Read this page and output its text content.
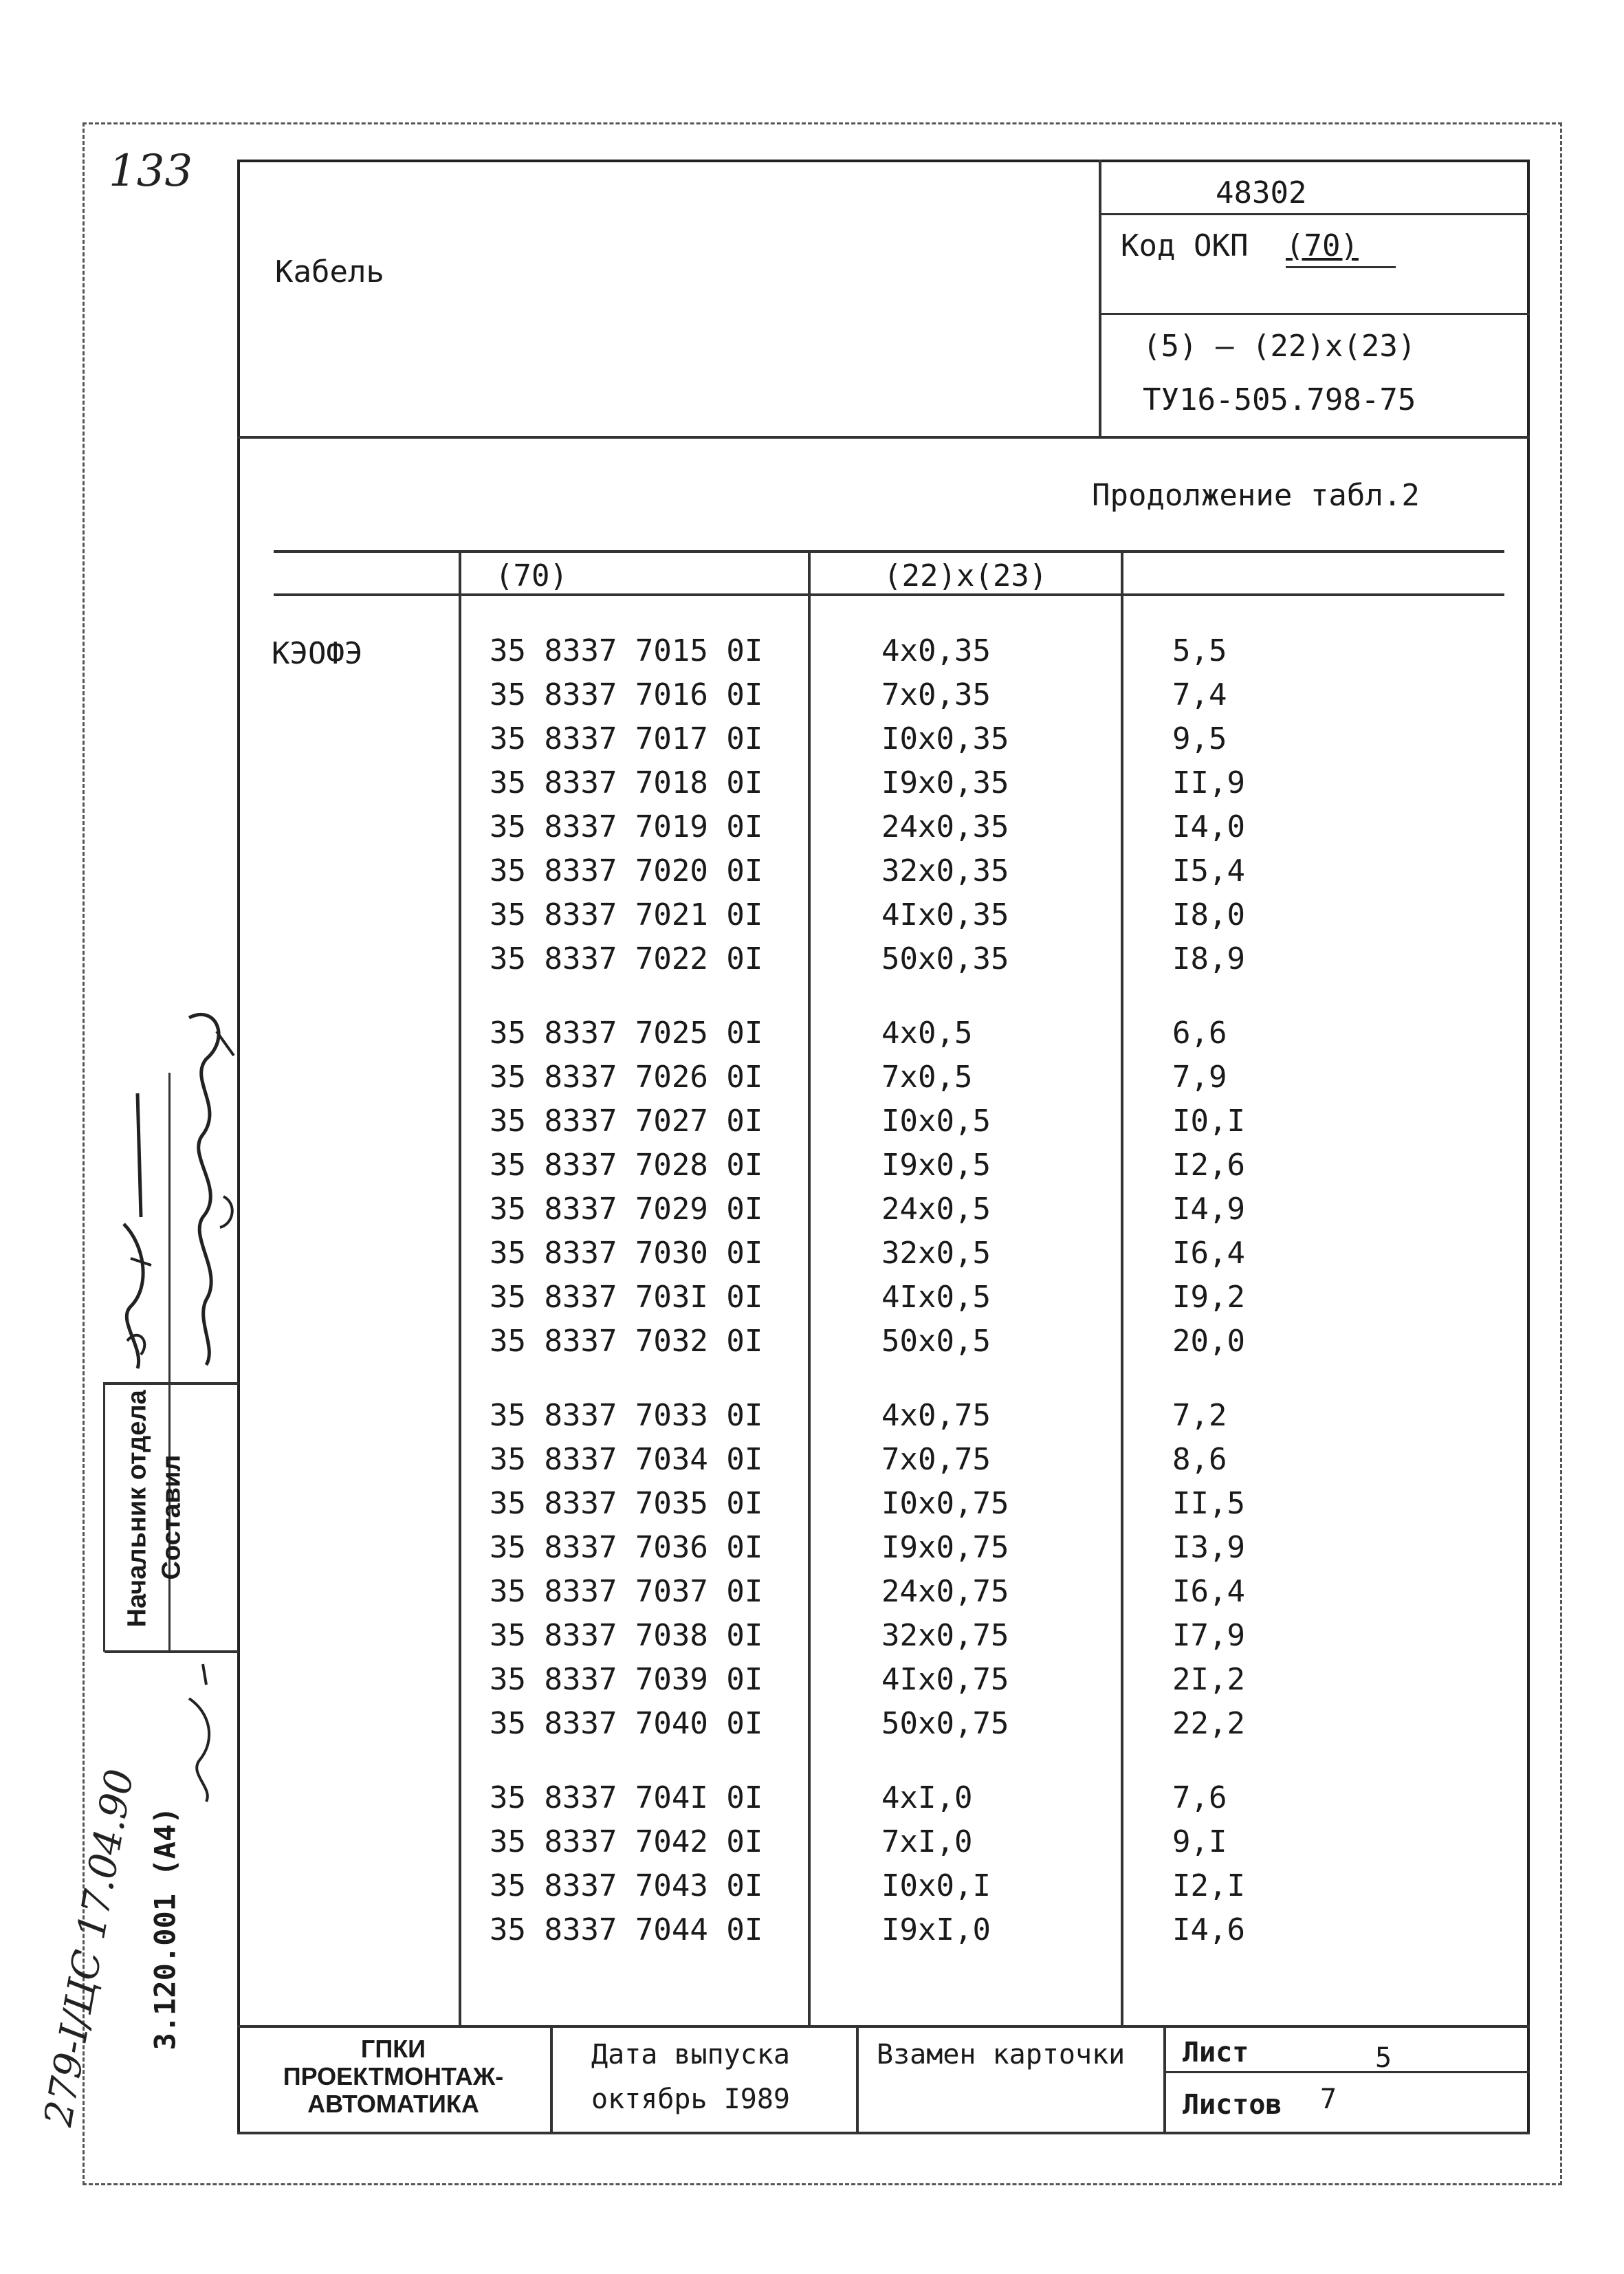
133
Кабель
48302
Код ОКП (70)
(5) – (22)х(23)
ТУ16-505.798-75
Продолжение табл.2
(70)	(22)х(23)
КЭОФЭ	35 8337 7015 0I	4х0,35	5,5
35 8337 7016 0I	7х0,35	7,4
35 8337 7017 0I	I0х0,35	9,5
35 8337 7018 0I	I9х0,35	II,9
35 8337 7019 0I	24х0,35	I4,0
35 8337 7020 0I	32х0,35	I5,4
35 8337 7021 0I	4Iх0,35	I8,0
35 8337 7022 0I	50х0,35	I8,9
35 8337 7025 0I	4х0,5	6,6
35 8337 7026 0I	7х0,5	7,9
35 8337 7027 0I	I0х0,5	I0,I
35 8337 7028 0I	I9х0,5	I2,6
35 8337 7029 0I	24х0,5	I4,9
35 8337 7030 0I	32х0,5	I6,4
35 8337 703I 0I	4Iх0,5	I9,2
35 8337 7032 0I	50х0,5	20,0
35 8337 7033 0I	4х0,75	7,2
35 8337 7034 0I	7х0,75	8,6
35 8337 7035 0I	I0х0,75	II,5
35 8337 7036 0I	I9х0,75	I3,9
35 8337 7037 0I	24х0,75	I6,4
35 8337 7038 0I	32х0,75	I7,9
35 8337 7039 0I	4Iх0,75	2I,2
35 8337 7040 0I	50х0,75	22,2
35 8337 704I 0I	4хI,0	7,6
35 8337 7042 0I	7хI,0	9,I
35 8337 7043 0I	I0х0,I	I2,I
35 8337 7044 0I	I9хI,0	I4,6
ГПКИ
ПРОЕКТМОНТАЖ-
АВТОМАТИКА
Дата выпуска
октябрь I989
Взамен карточки Лист	5
Листов 7
Начальник отдела Составил
3.120.001 (А4)
279-I/ЦС 17.04.90
